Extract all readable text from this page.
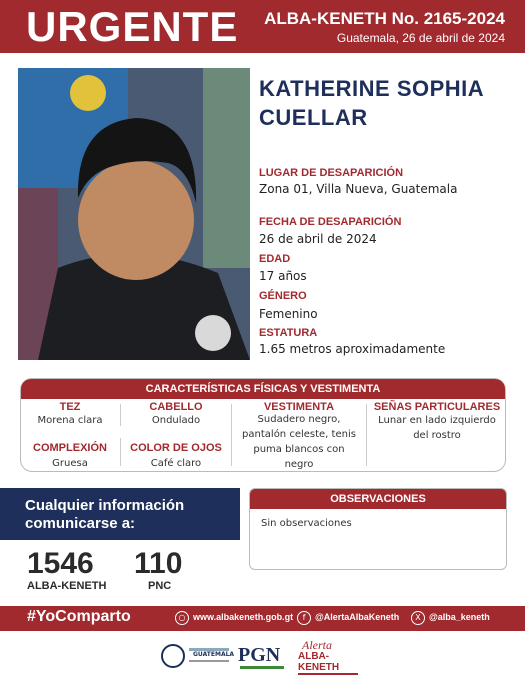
URGENTE ALBA-KENETH No. 2165-2024
Guatemala, 26 de abril de 2024
KATHERINE SOPHIA
CUELLAR
LUGAR DE DESAPARICIÓN
Zona 01, Villa Nueva, Guatemala
FECHA DE DESAPARICIÓN
26 de abril de 2024
EDAD
17 años
GÉNERO
Femenino
ESTATURA
1.65 metros aproximadamente
CARACTERÍSTICAS FÍSICAS Y VESTIMENTA
TEZ
Morena clara
COMPLEXIÓN
Gruesa
CABELLO
Ondulado
COLOR DE OJOS
Café claro
VESTIMENTA
Sudadero negro,
pantalón celeste, tenis
puma blancos con
negro
SEÑAS PARTICULARES
Lunar en lado izquierdo
del rostro
Cualquier información
comunicarse a:
1546
ALBA-KENETH
110
PNC
OBSERVACIONES
Sin observaciones
#YoComparto	○ www.albakeneth.gob.gt	f	@AlertaAlbaKeneth	X @alba_keneth
GUATEMALA PGN Alerta
ALBA-KENETH
